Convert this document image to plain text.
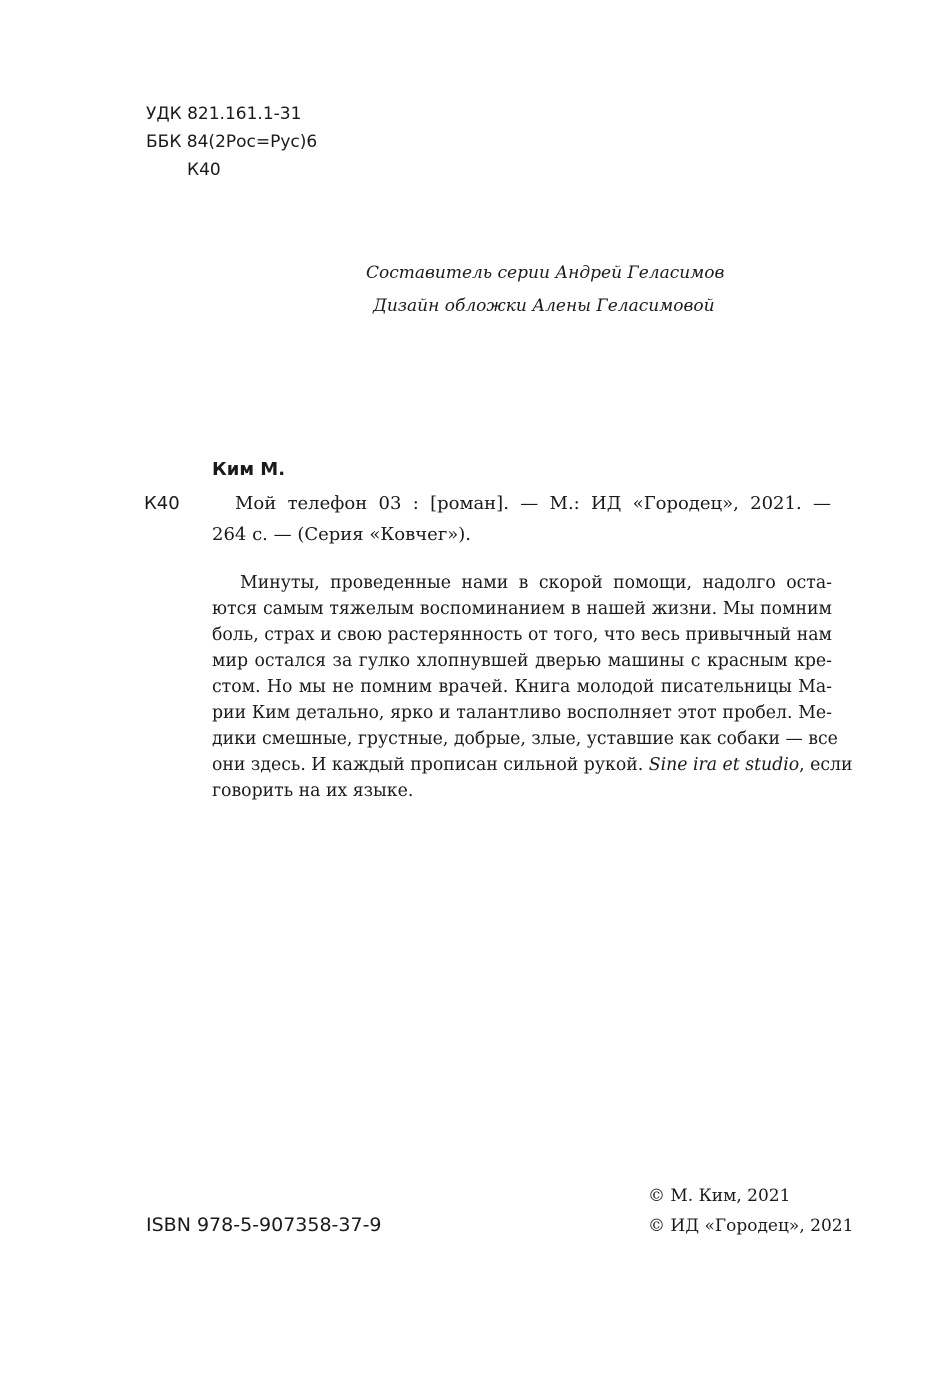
УДК 821.161.1-31
ББК 84(2Рос=Рус)6
К40
Составитель серии Андрей Геласимов
Дизайн обложки Алены Геласимовой
Ким М.
К40	Мой телефон 03 : [роман]. — М.: ИД «Городец», 2021. —
264 с. — (Серия «Ковчег»).
Минуты, проведенные нами в скорой помощи, надолго оста-
ются самым тяжелым воспоминанием в нашей жизни. Мы помним
боль, страх и свою растерянность от того, что весь привычный нам
мир остался за гулко хлопнувшей дверью машины с красным кре-
стом. Но мы не помним врачей. Книга молодой писательницы Ма-
рии Ким детально, ярко и талантливо восполняет этот пробел. Ме-
дики смешные, грустные, добрые, злые, уставшие как собаки — все
они здесь. И каждый прописан сильной рукой. Sine ira et studio, если
говорить на их языке.
ISBN 978-5-907358-37-9
© М. Ким, 2021
© ИД «Городец», 2021
